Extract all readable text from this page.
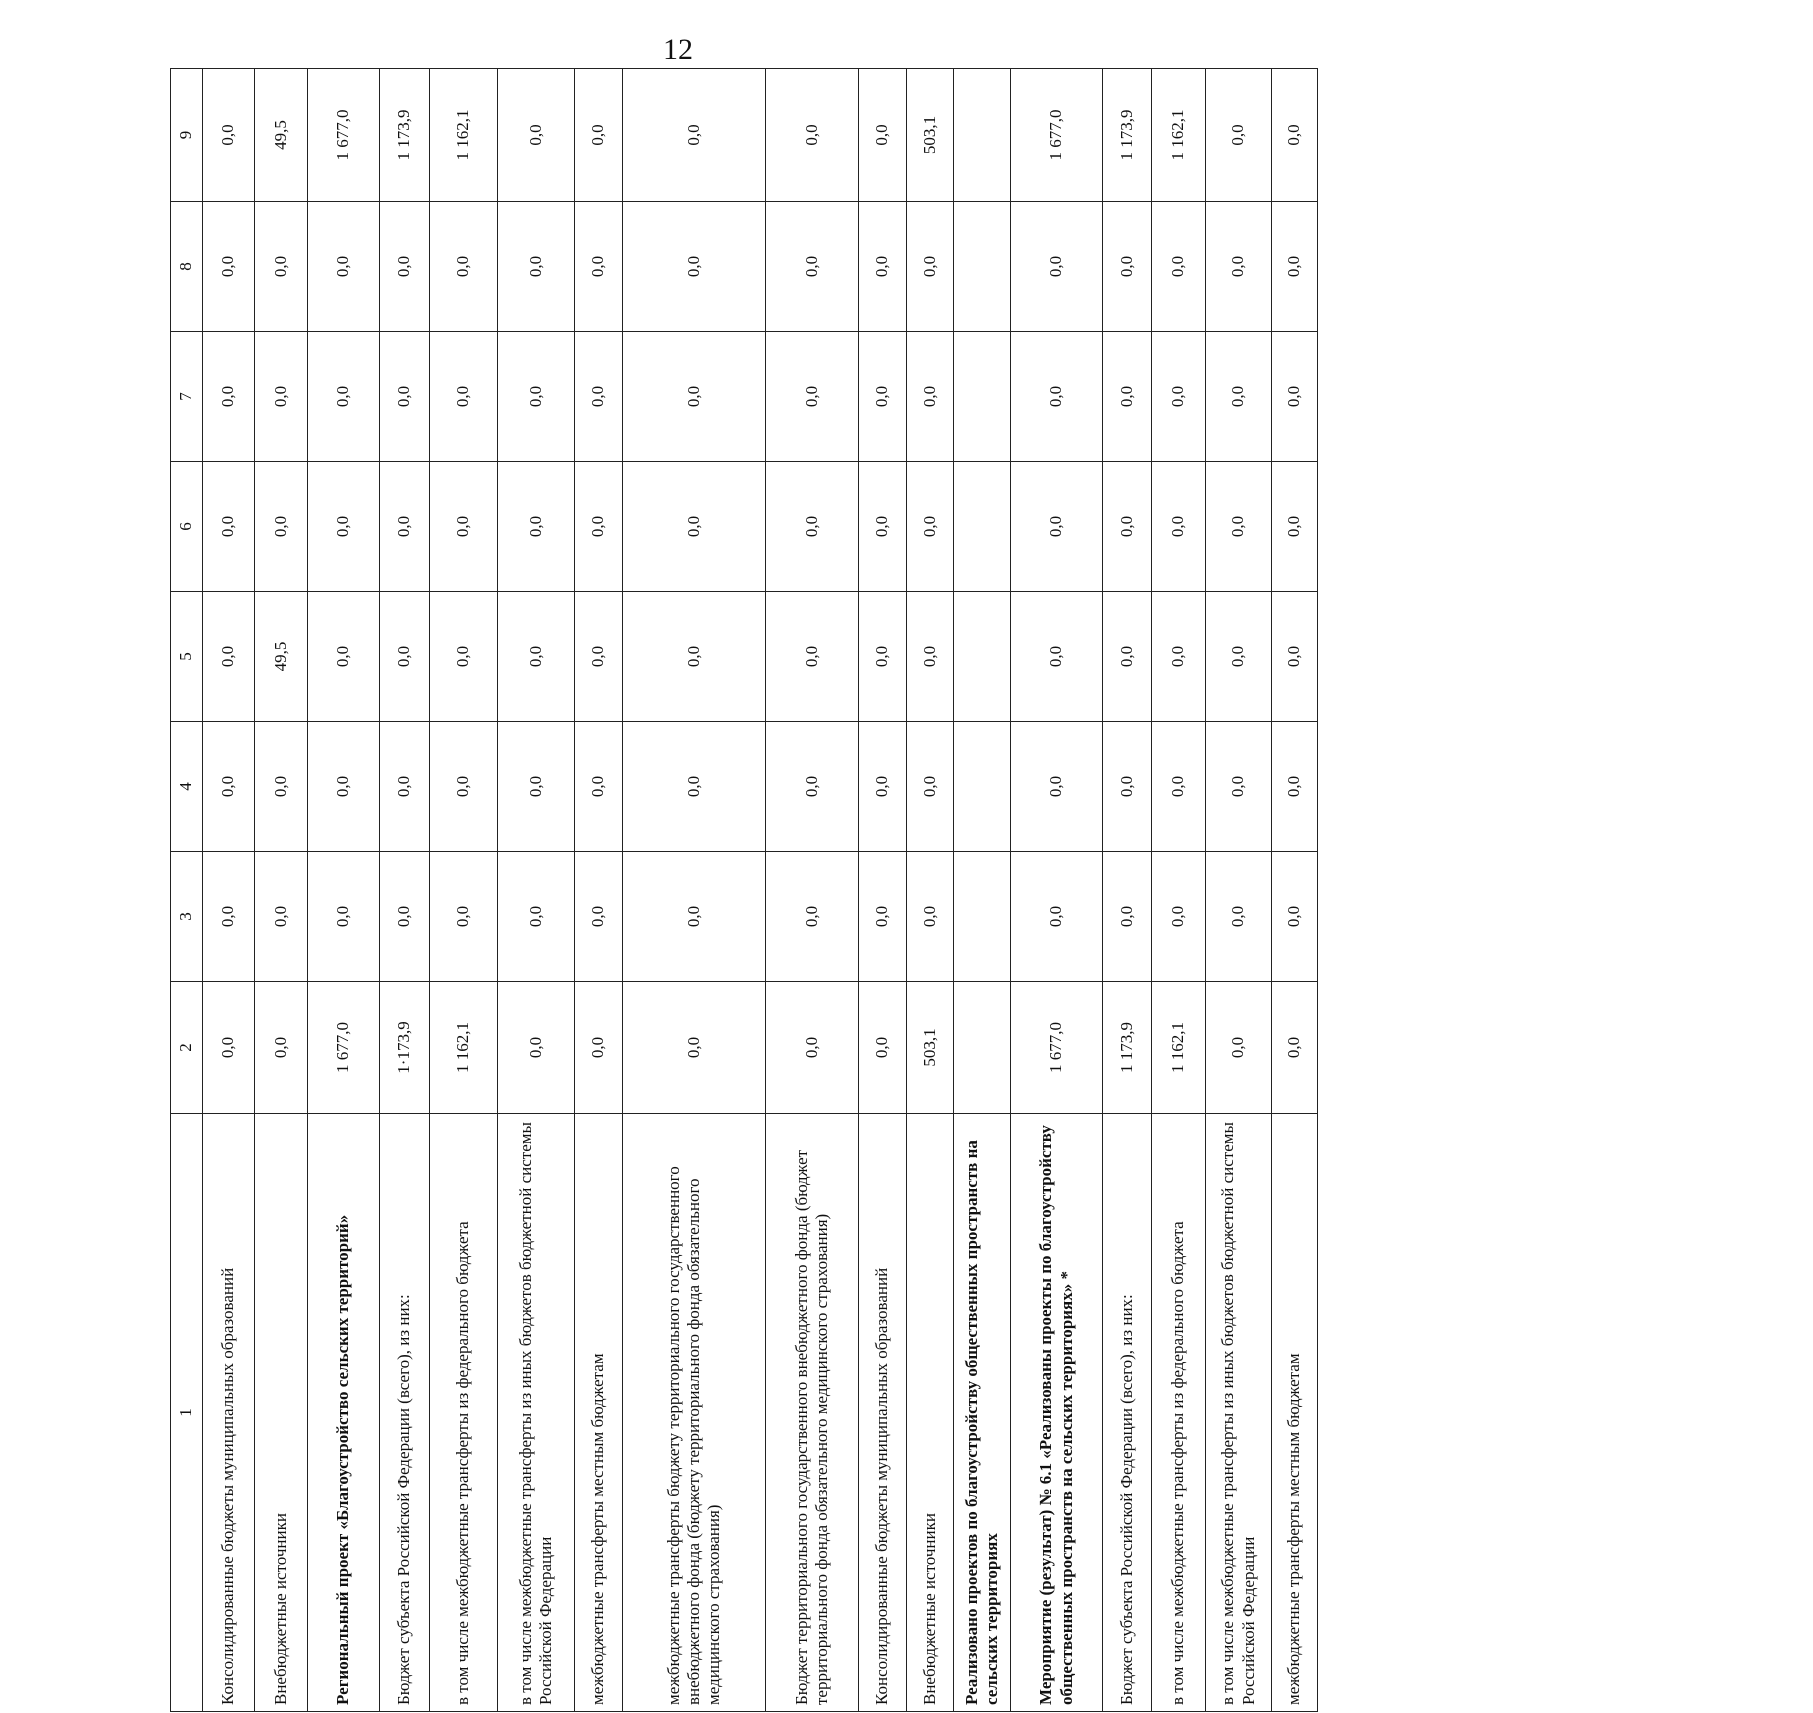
12
1	2	3	4	5	6	7	8	9
Консолидированные бюджеты муниципальных образований	0,0	0,0	0,0	0,0	0,0	0,0	0,0	0,0
Внебюджетные источники	0,0	0,0	0,0	49,5	0,0	0,0	0,0	49,5
Региональный проект «Благоустройство сельских территорий»	1 677,0	0,0	0,0	0,0	0,0	0,0	0,0	1 677,0
Бюджет субъекта Российской Федерации (всего), из них:	1·173,9	0,0	0,0	0,0	0,0	0,0	0,0	1 173,9
в том числе межбюджетные трансферты из федерального бюджета	1 162,1	0,0	0,0	0,0	0,0	0,0	0,0	1 162,1
в том числе межбюджетные трансферты из иных бюджетов бюджетной системы Российской Федерации	0,0	0,0	0,0	0,0	0,0	0,0	0,0	0,0
межбюджетные трансферты местным бюджетам	0,0	0,0	0,0	0,0	0,0	0,0	0,0	0,0
межбюджетные трансферты бюджету территориального государственного внебюджетного фонда (бюджету территориального фонда обязательного медицинского страхования)	0,0	0,0	0,0	0,0	0,0	0,0	0,0	0,0
Бюджет территориального государственного внебюджетного фонда (бюджет территориального фонда обязательного медицинского страхования)	0,0	0,0	0,0	0,0	0,0	0,0	0,0	0,0
Консолидированные бюджеты муниципальных образований	0,0	0,0	0,0	0,0	0,0	0,0	0,0	0,0
Внебюджетные источники	503,1	0,0	0,0	0,0	0,0	0,0	0,0	503,1
Реализовано проектов по благоустройству общественных пространств на сельских территориях								
Мероприятие (результат) № 6.1 «Реализованы проекты по благоустройству общественных пространств на сельских территориях» *	1 677,0	0,0	0,0	0,0	0,0	0,0	0,0	1 677,0
Бюджет субъекта Российской Федерации (всего), из них:	1 173,9	0,0	0,0	0,0	0,0	0,0	0,0	1 173,9
в том числе межбюджетные трансферты из федерального бюджета	1 162,1	0,0	0,0	0,0	0,0	0,0	0,0	1 162,1
в том числе межбюджетные трансферты из иных бюджетов бюджетной системы Российской Федерации	0,0	0,0	0,0	0,0	0,0	0,0	0,0	0,0
межбюджетные трансферты местным бюджетам	0,0	0,0	0,0	0,0	0,0	0,0	0,0	0,0
